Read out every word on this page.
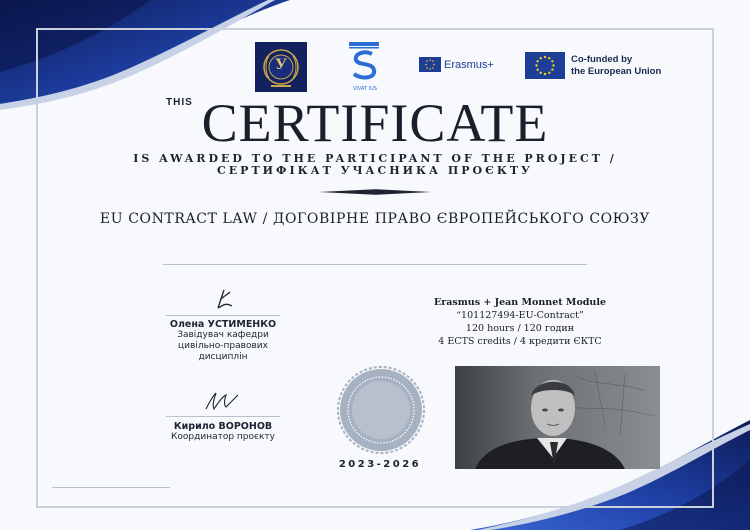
У
VIVAT IUS
Erasmus+	Co-funded by
the European Union
THIS CERTIFICATE
IS AWARDED TO THE PARTICIPANT OF THE PROJECT /
СЕРТИФІКАТ УЧАСНИКА ПРОЄКТУ
EU CONTRACT LAW / ДОГОВІРНЕ ПРАВО ЄВРОПЕЙСЬКОГО СОЮЗУ
Олена УСТИМЕНКО
Завідувач кафедри
цивільно-правових
дисциплін
Кирило ВОРОНОВ
Координатор проєкту
2023-2026
Erasmus + Jean Monnet Module
“101127494-EU-Contract”
120 hours / 120 годин
4 ECTS credits / 4 кредити ЄКТС
